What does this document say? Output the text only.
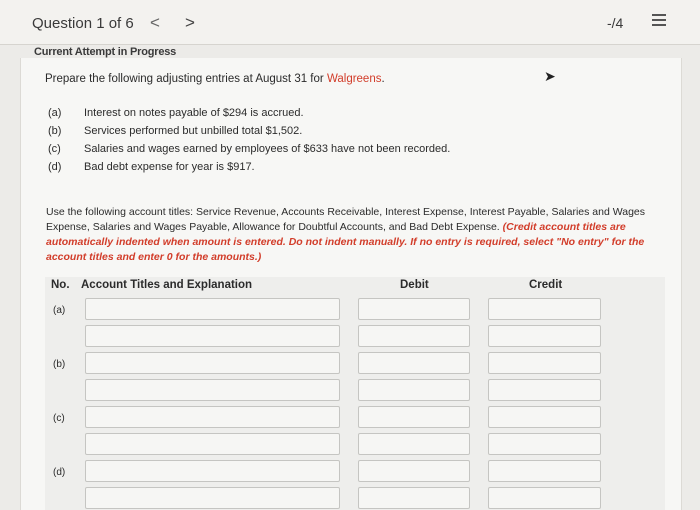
Question 1 of 6 < >	-/4
Current Attempt in Progress
➤
Prepare the following adjusting entries at August 31 for Walgreens.
(a)	Interest on notes payable of $294 is accrued.
(b)	Services performed but unbilled total $1,502.
(c)	Salaries and wages earned by employees of $633 have not been recorded.
(d)	Bad debt expense for year is $917.
Use the following account titles: Service Revenue, Accounts Receivable, Interest Expense, Interest Payable, Salaries and Wages Expense, Salaries and Wages Payable, Allowance for Doubtful Accounts, and Bad Debt Expense. (Credit account titles are automatically indented when amount is entered. Do not indent manually. If no entry is required, select "No entry" for the account titles and enter 0 for the amounts.)
No. Account Titles and Explanation	Debit	Credit
(a)
(b)
(c)
(d)
